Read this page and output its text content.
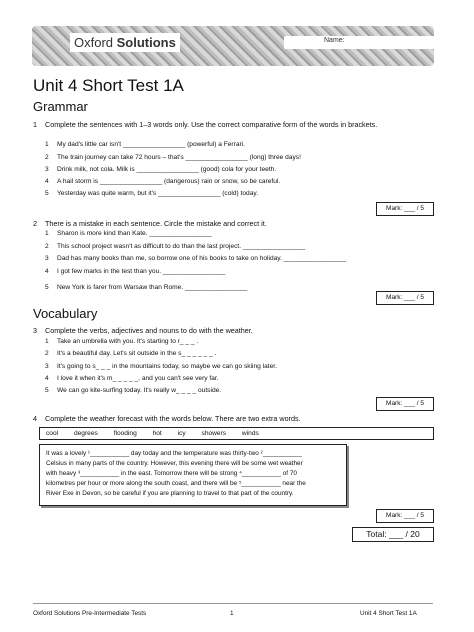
Oxford Solutions	Name:
Unit 4 Short Test 1A
Grammar
1 Complete the sentences with 1–3 words only. Use the correct comparative form of the words in brackets.
1 My dad's little car isn't _________________ (powerful) a Ferrari.
2 The train journey can take 72 hours – that's _________________ (long) three days!
3 Drink milk, not cola. Milk is _________________ (good) cola for your teeth.
4 A hail storm is _________________ (dangerous) rain or snow, so be careful.
5 Yesterday was quite warm, but it's _________________ (cold) today.
Mark: ___ / 5
2 There is a mistake in each sentence. Circle the mistake and correct it.
1 Sharon is more kind than Kate. _________________
2 This school project wasn't as difficult to do than the last project. _________________
3 Dad has many books than me, so borrow one of his books to take on holiday. _________________
4 I got few marks in the test than you. _________________
5 New York is farer from Warsaw than Rome. _________________
Mark: ___ / 5
Vocabulary
3 Complete the verbs, adjectives and nouns to do with the weather.
1 Take an umbrella with you. It's starting to r_ _ _ .
2 It's a beautiful day. Let's sit outside in the s_ _ _ _ _ _ .
3 It's going to s_ _ _ in the mountains today, so maybe we can go skiing later.
4 I love it when it's m_ _ _ _ _, and you can't see very far.
5 We can go kite-surfing today. It's really w_ _ _ _ outside.
Mark: ___ / 5
4 Complete the weather forecast with the words below. There are two extra words.
cool degrees flooding hot icy showers winds
It was a lovely ¹___________ day today and the temperature was thirty-two ²___________
Celsius in many parts of the country. However, this evening there will be some wet weather
with heavy ³___________ in the east. Tomorrow there will be strong ⁴___________ of 70
kilometres per hour or more along the south coast, and there will be ⁵___________ near the
River Exe in Devon, so be careful if you are planning to travel to that part of the country.
Mark: ___ / 5
Total: ___ / 20
Oxford Solutions Pre-Intermediate Tests	1	Unit 4 Short Test 1A
